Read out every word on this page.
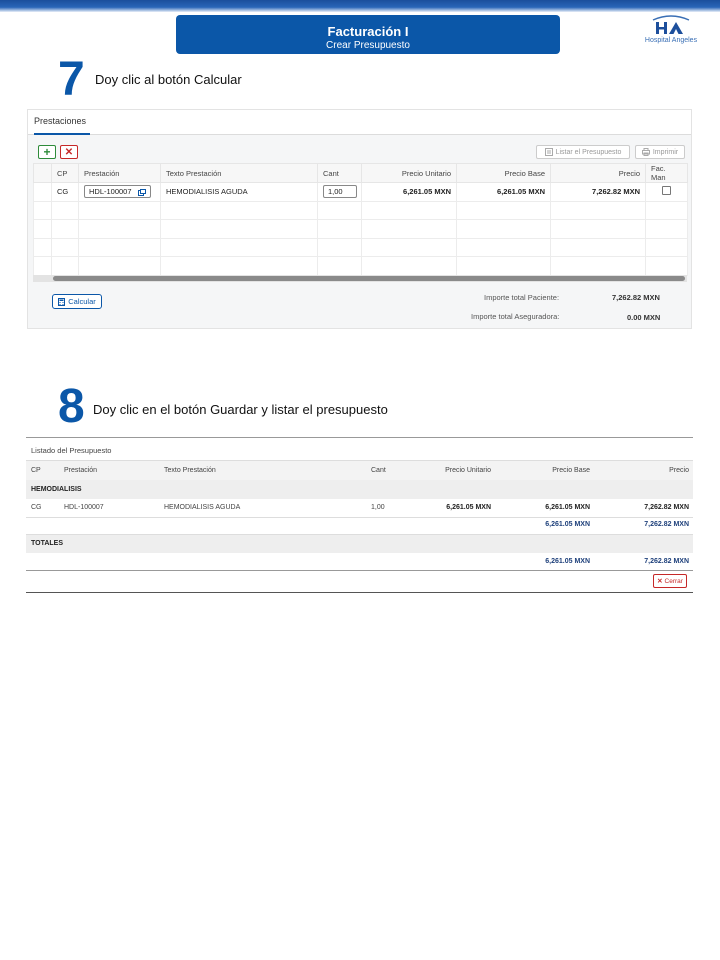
Facturación I
Crear Presupuesto	Hospital Angeles
7 Doy clic al botón Calcular
Prestaciones
+ ✕	Listar el Presupuesto	Imprimir
	CP	Prestación	Texto Prestación	Cant	Precio Unitario	Precio Base	Precio	Fac. Man
	CG	HDL-100007	HEMODIALISIS AGUDA	1,00	6,261.05 MXN	6,261.05 MXN	7,262.82 MXN	

Calcular	Importe total Paciente:	7,262.82 MXN
Importe total Aseguradora:	0.00 MXN
8 Doy clic en el botón Guardar y listar el presupuesto
Listado del Presupuesto
CP	Prestación	Texto Prestación	Cant	Precio Unitario	Precio Base	Precio
HEMODIALISIS
CG	HDL-100007	HEMODIALISIS AGUDA	1,00	6,261.05 MXN	6,261.05 MXN	7,262.82 MXN
6,261.05 MXN	7,262.82 MXN
TOTALES
6,261.05 MXN	7,262.82 MXN
✕ Cerrar
